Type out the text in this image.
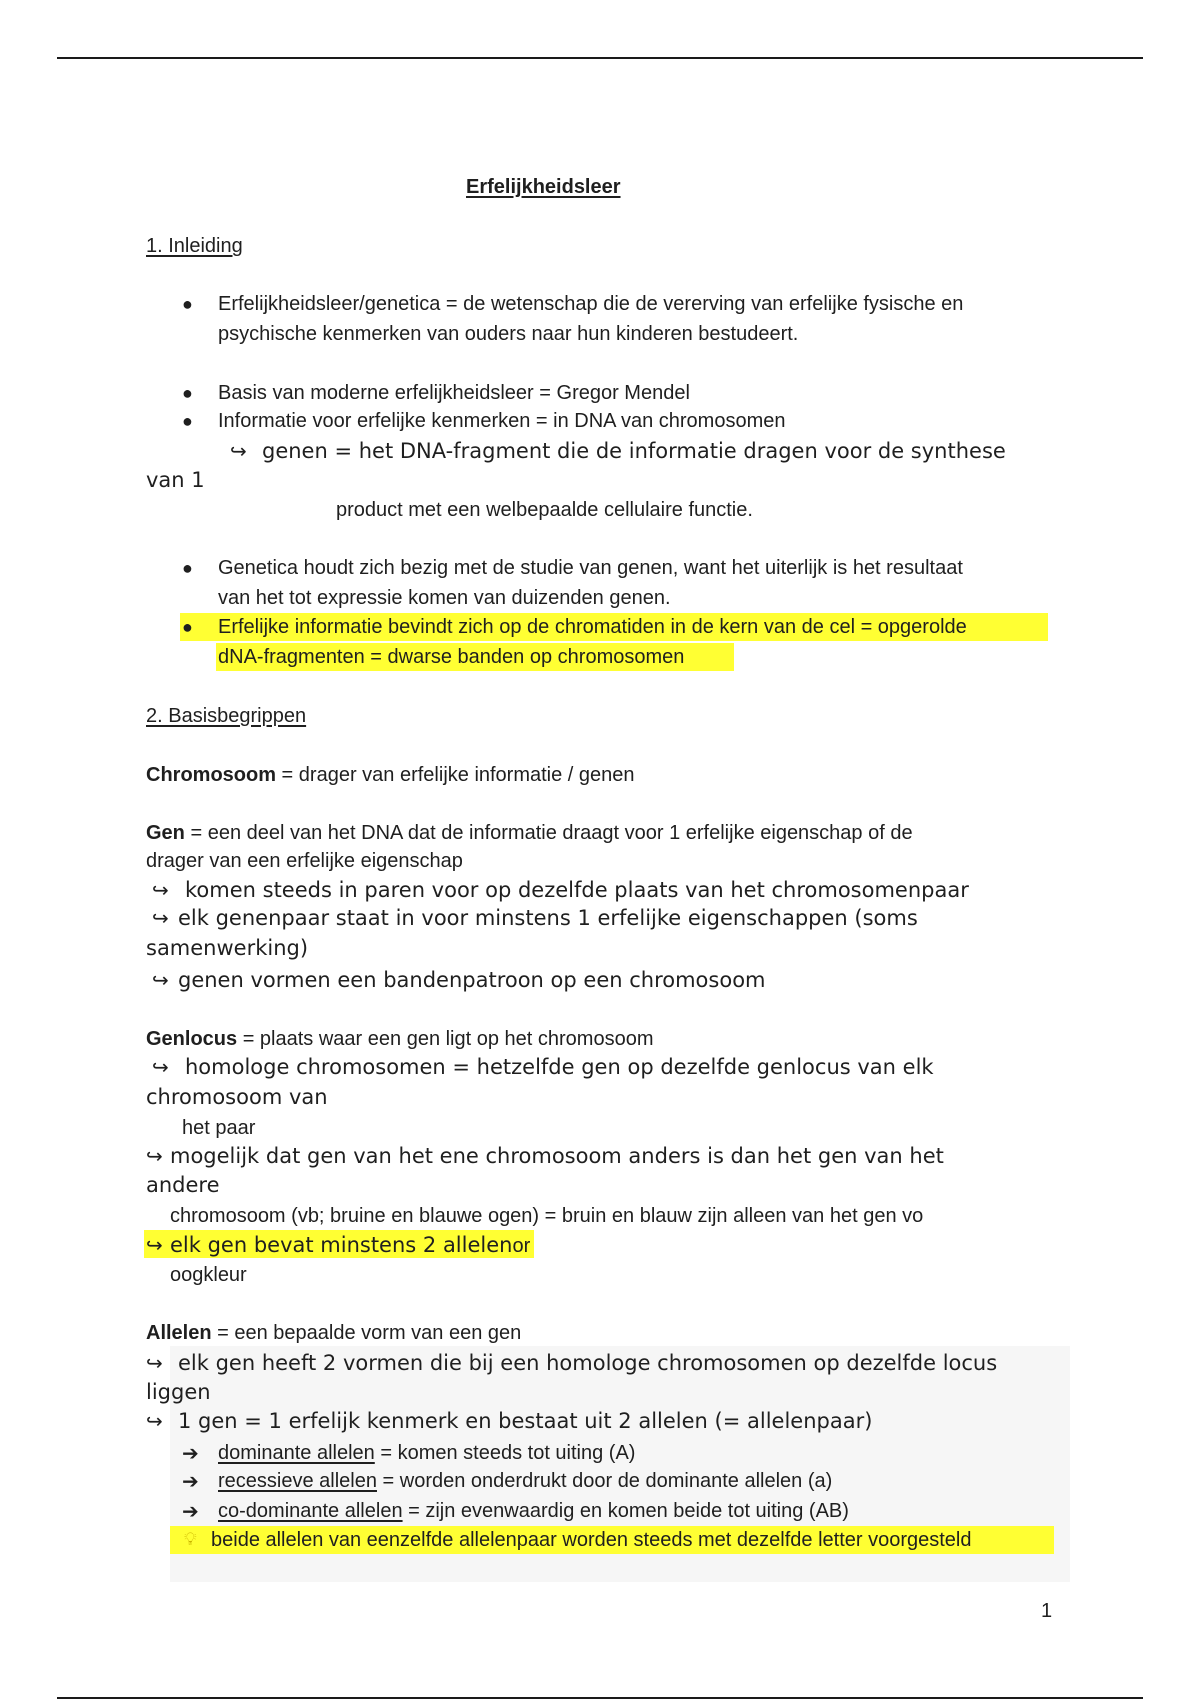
Erfelijkheidsleer
1. Inleiding
● Erfelijkheidsleer/genetica = de wetenschap die de vererving van erfelijke fysische en
psychische kenmerken van ouders naar hun kinderen bestudeert.
● Basis van moderne erfelijkheidsleer = Gregor Mendel
● Informatie voor erfelijke kenmerken = in DNA van chromosomen
↪ genen = het DNA-fragment die de informatie dragen voor de synthese
van 1
product met een welbepaalde cellulaire functie.
● Genetica houdt zich bezig met de studie van genen, want het uiterlijk is het resultaat
van het tot expressie komen van duizenden genen.
● Erfelijke informatie bevindt zich op de chromatiden in de kern van de cel = opgerolde
dNA-fragmenten = dwarse banden op chromosomen
2. Basisbegrippen
Chromosoom = drager van erfelijke informatie / genen
Gen = een deel van het DNA dat de informatie draagt voor 1 erfelijke eigenschap of de
drager van een erfelijke eigenschap
↪ komen steeds in paren voor op dezelfde plaats van het chromosomenpaar
↪ elk genenpaar staat in voor minstens 1 erfelijke eigenschappen (soms
samenwerking)
↪ genen vormen een bandenpatroon op een chromosoom
Genlocus = plaats waar een gen ligt op het chromosoom
↪ homologe chromosomen = hetzelfde gen op dezelfde genlocus van elk
chromosoom van
het paar
↪ mogelijk dat gen van het ene chromosoom anders is dan het gen van het
andere
chromosoom (vb; bruine en blauwe ogen) = bruin en blauw zijn alleen van het gen vo
↪ elk gen bevat minstens 2 allelenor
oogkleur
Allelen = een bepaalde vorm van een gen
↪ elk gen heeft 2 vormen die bij een homologe chromosomen op dezelfde locus
liggen
↪ 1 gen = 1 erfelijk kenmerk en bestaat uit 2 allelen (= allelenpaar)
➔ dominante allelen = komen steeds tot uiting (A)
➔ recessieve allelen = worden onderdrukt door de dominante allelen (a)
➔ co-dominante allelen = zijn evenwaardig en komen beide tot uiting (AB)
💡︎ beide allelen van eenzelfde allelenpaar worden steeds met dezelfde letter voorgesteld
1
